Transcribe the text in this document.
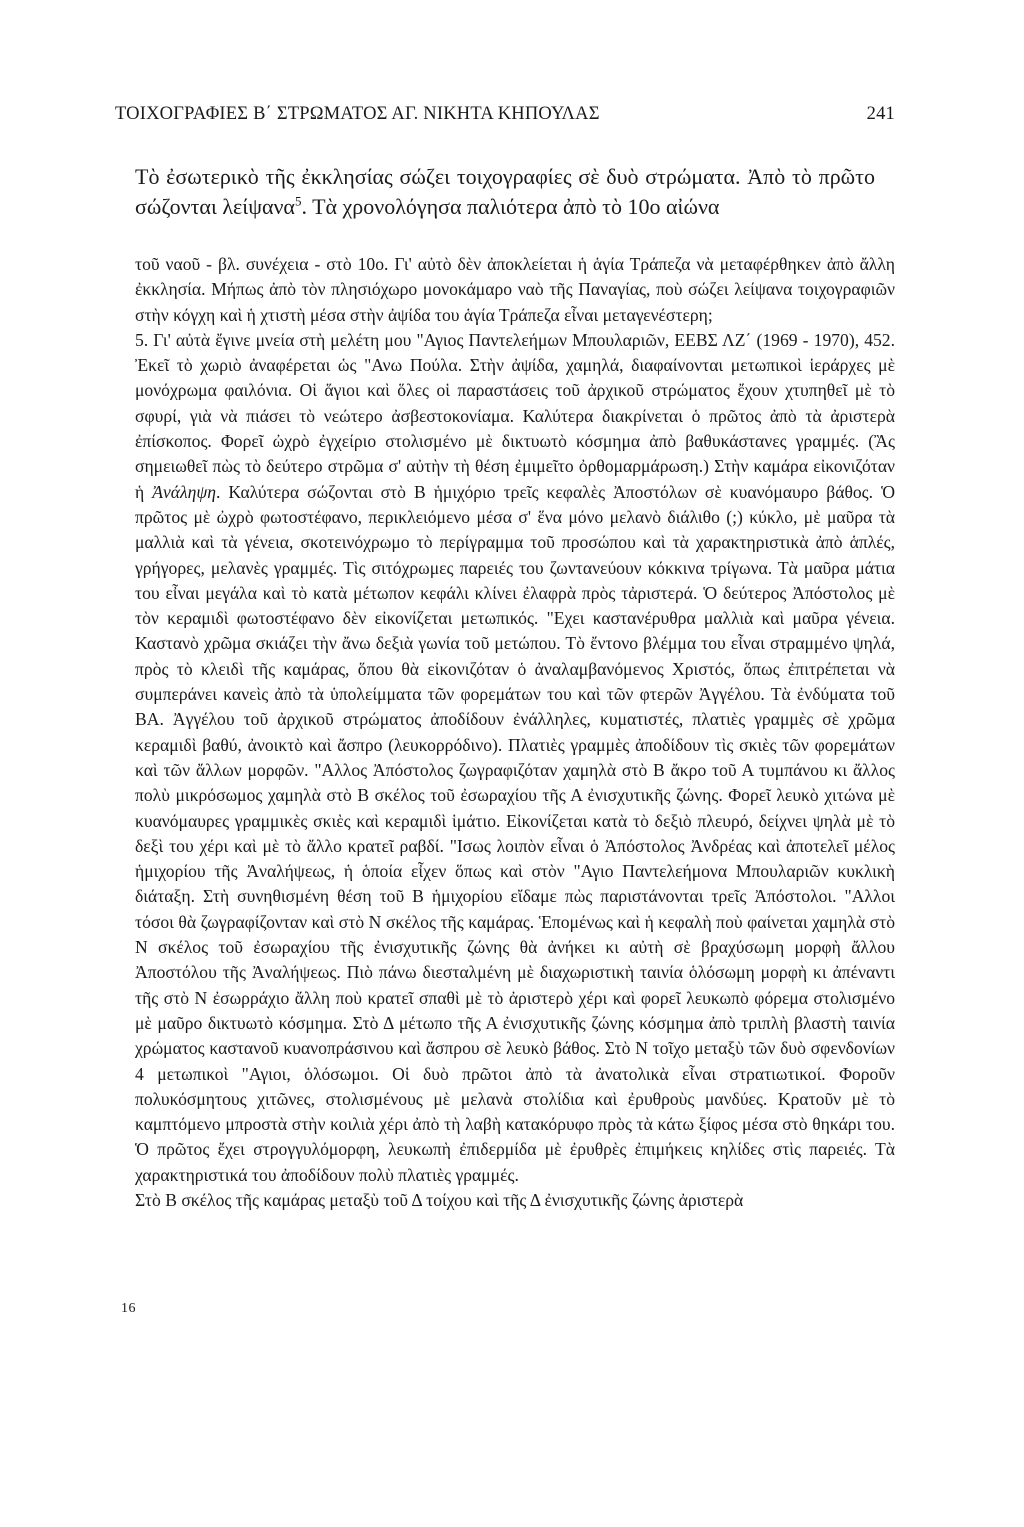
ΤΟΙΧΟΓΡΑΦΙΕΣ Β΄ ΣΤΡΩΜΑΤΟΣ ΑΓ. ΝΙΚΗΤΑ ΚΗΠΟΥΛΑΣ	241

Τὸ ἐσωτερικὸ τῆς ἐκκλησίας σώζει τοιχογραφίες σὲ δυὸ στρώματα. Ἀπὸ τὸ πρῶτο σώζονται λείψανα$^5$. Τὰ χρονολόγησα παλιότερα ἀπὸ τὸ 10ο αἰώνα

τοῦ ναοῦ - βλ. συνέχεια - στὸ 10ο. Γι' αὐτὸ δὲν ἀποκλείεται ἡ ἁγία Τράπεζα νὰ μεταφέρθηκεν ἀπὸ ἄλλη ἐκκλησία. Μήπως ἀπὸ τὸν πλησιόχωρο μονοκάμαρο ναὸ τῆς Παναγίας, ποὺ σώζει λείψανα τοιχογραφιῶν στὴν κόγχη καὶ ἡ χτιστὴ μέσα στὴν ἀψίδα του ἁγία Τράπεζα εἶναι μεταγενέστερη;

5. Γι' αὐτὰ ἔγινε μνεία στὴ μελέτη μου "Αγιος Παντελεήμων Μπουλαριῶν, ΕΕΒΣ ΛΖ΄ (1969 - 1970), 452. Ἐκεῖ τὸ χωριὸ ἀναφέρεται ὡς "Ανω Πούλα. Στὴν ἀψίδα, χαμηλά, διαφαίνονται μετωπικοὶ ἱεράρχες μὲ μονόχρωμα φαιλόνια. Οἱ ἅγιοι καὶ ὅλες οἱ παραστάσεις τοῦ ἀρχικοῦ στρώματος ἔχουν χτυπηθεῖ μὲ τὸ σφυρί, γιὰ νὰ πιάσει τὸ νεώτερο ἀσβεστοκονίαμα. Καλύτερα διακρίνεται ὁ πρῶτος ἀπὸ τὰ ἀριστερὰ ἐπίσκοπος. Φορεῖ ὠχρὸ ἐγχείριο στολισμένο μὲ δικτυωτὸ κόσμημα ἀπὸ βαθυκάστανες γραμμές. (Ἂς σημειωθεῖ πὼς τὸ δεύτερο στρῶμα σ' αὐτὴν τὴ θέση ἐμιμεῖτο ὀρθομαρμάρωση.) Στὴν καμάρα εἰκονιζόταν ἡ Ἀνάληψη. Καλύτερα σώζονται στὸ Β ἡμιχόριο τρεῖς κεφαλὲς Ἀποστόλων σὲ κυανόμαυρο βάθος. Ὁ πρῶτος μὲ ὠχρὸ φωτοστέφανο, περικλειόμενο μέσα σ' ἕνα μόνο μελανὸ διάλιθο (;) κύκλο, μὲ μαῦρα τὰ μαλλιὰ καὶ τὰ γένεια, σκοτεινόχρωμο τὸ περίγραμμα τοῦ προσώπου καὶ τὰ χαρακτηριστικὰ ἀπὸ ἁπλές, γρήγορες, μελανὲς γραμμές. Τὶς σιτόχρωμες παρειές του ζωντανεύουν κόκκινα τρίγωνα. Τὰ μαῦρα μάτια του εἶναι μεγάλα καὶ τὸ κατὰ μέτωπον κεφάλι κλίνει ἐλαφρὰ πρὸς τἀριστερά. Ὁ δεύτερος Ἀπόστολος μὲ τὸν κεραμιδὶ φωτοστέφανο δὲν εἰκονίζεται μετωπικός. "Εχει καστανέρυθρα μαλλιὰ καὶ μαῦρα γένεια. Καστανὸ χρῶμα σκιάζει τὴν ἄνω δεξιὰ γωνία τοῦ μετώπου. Τὸ ἔντονο βλέμμα του εἶναι στραμμένο ψηλά, πρὸς τὸ κλειδὶ τῆς καμάρας, ὅπου θὰ εἰκονιζόταν ὁ ἀναλαμβανόμενος Χριστός, ὅπως ἐπιτρέπεται νὰ συμπεράνει κανεὶς ἀπὸ τὰ ὑπολείμματα τῶν φορεμάτων του καὶ τῶν φτερῶν Ἀγγέλου. Τὰ ἐνδύματα τοῦ ΒΑ. Ἀγγέλου τοῦ ἀρχικοῦ στρώματος ἀποδίδουν ἐνάλληλες, κυματιστές, πλατιὲς γραμμὲς σὲ χρῶμα κεραμιδὶ βαθύ, ἀνοικτὸ καὶ ἄσπρο (λευκορρόδινο). Πλατιὲς γραμμὲς ἀποδίδουν τὶς σκιὲς τῶν φορεμάτων καὶ τῶν ἄλλων μορφῶν. "Αλλος Ἀπόστολος ζωγραφιζόταν χαμηλὰ στὸ Β ἄκρο τοῦ Α τυμπάνου κι ἄλλος πολὺ μικρόσωμος χαμηλὰ στὸ Β σκέλος τοῦ ἐσωραχίου τῆς Α ἐνισχυτικῆς ζώνης. Φορεῖ λευκὸ χιτώνα μὲ κυανόμαυρες γραμμικὲς σκιὲς καὶ κεραμιδὶ ἱμάτιο. Εἰκονίζεται κατὰ τὸ δεξιὸ πλευρό, δείχνει ψηλὰ μὲ τὸ δεξὶ του χέρι καὶ μὲ τὸ ἄλλο κρατεῖ ραβδί. "Ισως λοιπὸν εἶναι ὁ Ἀπόστολος Ἀνδρέας καὶ ἀποτελεῖ μέλος ἡμιχορίου τῆς Ἀναλήψεως, ἡ ὁποία εἶχεν ὅπως καὶ στὸν "Αγιο Παντελεήμονα Μπουλαριῶν κυκλικὴ διάταξη. Στὴ συνηθισμένη θέση τοῦ Β ἡμιχορίου εἴδαμε πὼς παριστάνονται τρεῖς Ἀπόστολοι. "Αλλοι τόσοι θὰ ζωγραφίζονταν καὶ στὸ Ν σκέλος τῆς καμάρας. Ἑπομένως καὶ ἡ κεφαλὴ ποὺ φαίνεται χαμηλὰ στὸ Ν σκέλος τοῦ ἐσωραχίου τῆς ἐνισχυτικῆς ζώνης θὰ ἀνήκει κι αὐτὴ σὲ βραχύσωμη μορφὴ ἄλλου Ἀποστόλου τῆς Ἀναλήψεως. Πιὸ πάνω διεσταλμένη μὲ διαχωριστικὴ ταινία ὁλόσωμη μορφὴ κι ἀπέναντι τῆς στὸ Ν ἐσωρράχιο ἄλλη ποὺ κρατεῖ σπαθὶ μὲ τὸ ἀριστερὸ χέρι καὶ φορεῖ λευκωπὸ φόρεμα στολισμένο μὲ μαῦρο δικτυωτὸ κόσμημα. Στὸ Δ μέτωπο τῆς Α ἐνισχυτικῆς ζώνης κόσμημα ἀπὸ τριπλὴ βλαστὴ ταινία χρώματος καστανοῦ κυανοπράσινου καὶ ἄσπρου σὲ λευκὸ βάθος. Στὸ Ν τοῖχο μεταξὺ τῶν δυὸ σφενδονίων 4 μετωπικοὶ "Αγιοι, ὁλόσωμοι. Οἱ δυὸ πρῶτοι ἀπὸ τὰ ἀνατολικὰ εἶναι στρατιωτικοί. Φοροῦν πολυκόσμητους χιτῶνες, στολισμένους μὲ μελανὰ στολίδια καὶ ἐρυθροὺς μανδύες. Κρατοῦν μὲ τὸ καμπτόμενο μπροστὰ στὴν κοιλιὰ χέρι ἀπὸ τὴ λαβὴ κατακόρυφο πρὸς τὰ κάτω ξίφος μέσα στὸ θηκάρι του. Ὁ πρῶτος ἔχει στρογγυλόμορφη, λευκωπὴ ἐπιδερμίδα μὲ ἐρυθρὲς ἐπιμήκεις κηλίδες στὶς παρειές. Τὰ χαρακτηριστικά του ἀποδίδουν πολὺ πλατιὲς γραμμές.

Στὸ Β σκέλος τῆς καμάρας μεταξὺ τοῦ Δ τοίχου καὶ τῆς Δ ἐνισχυτικῆς ζώνης ἀριστερὰ

16
